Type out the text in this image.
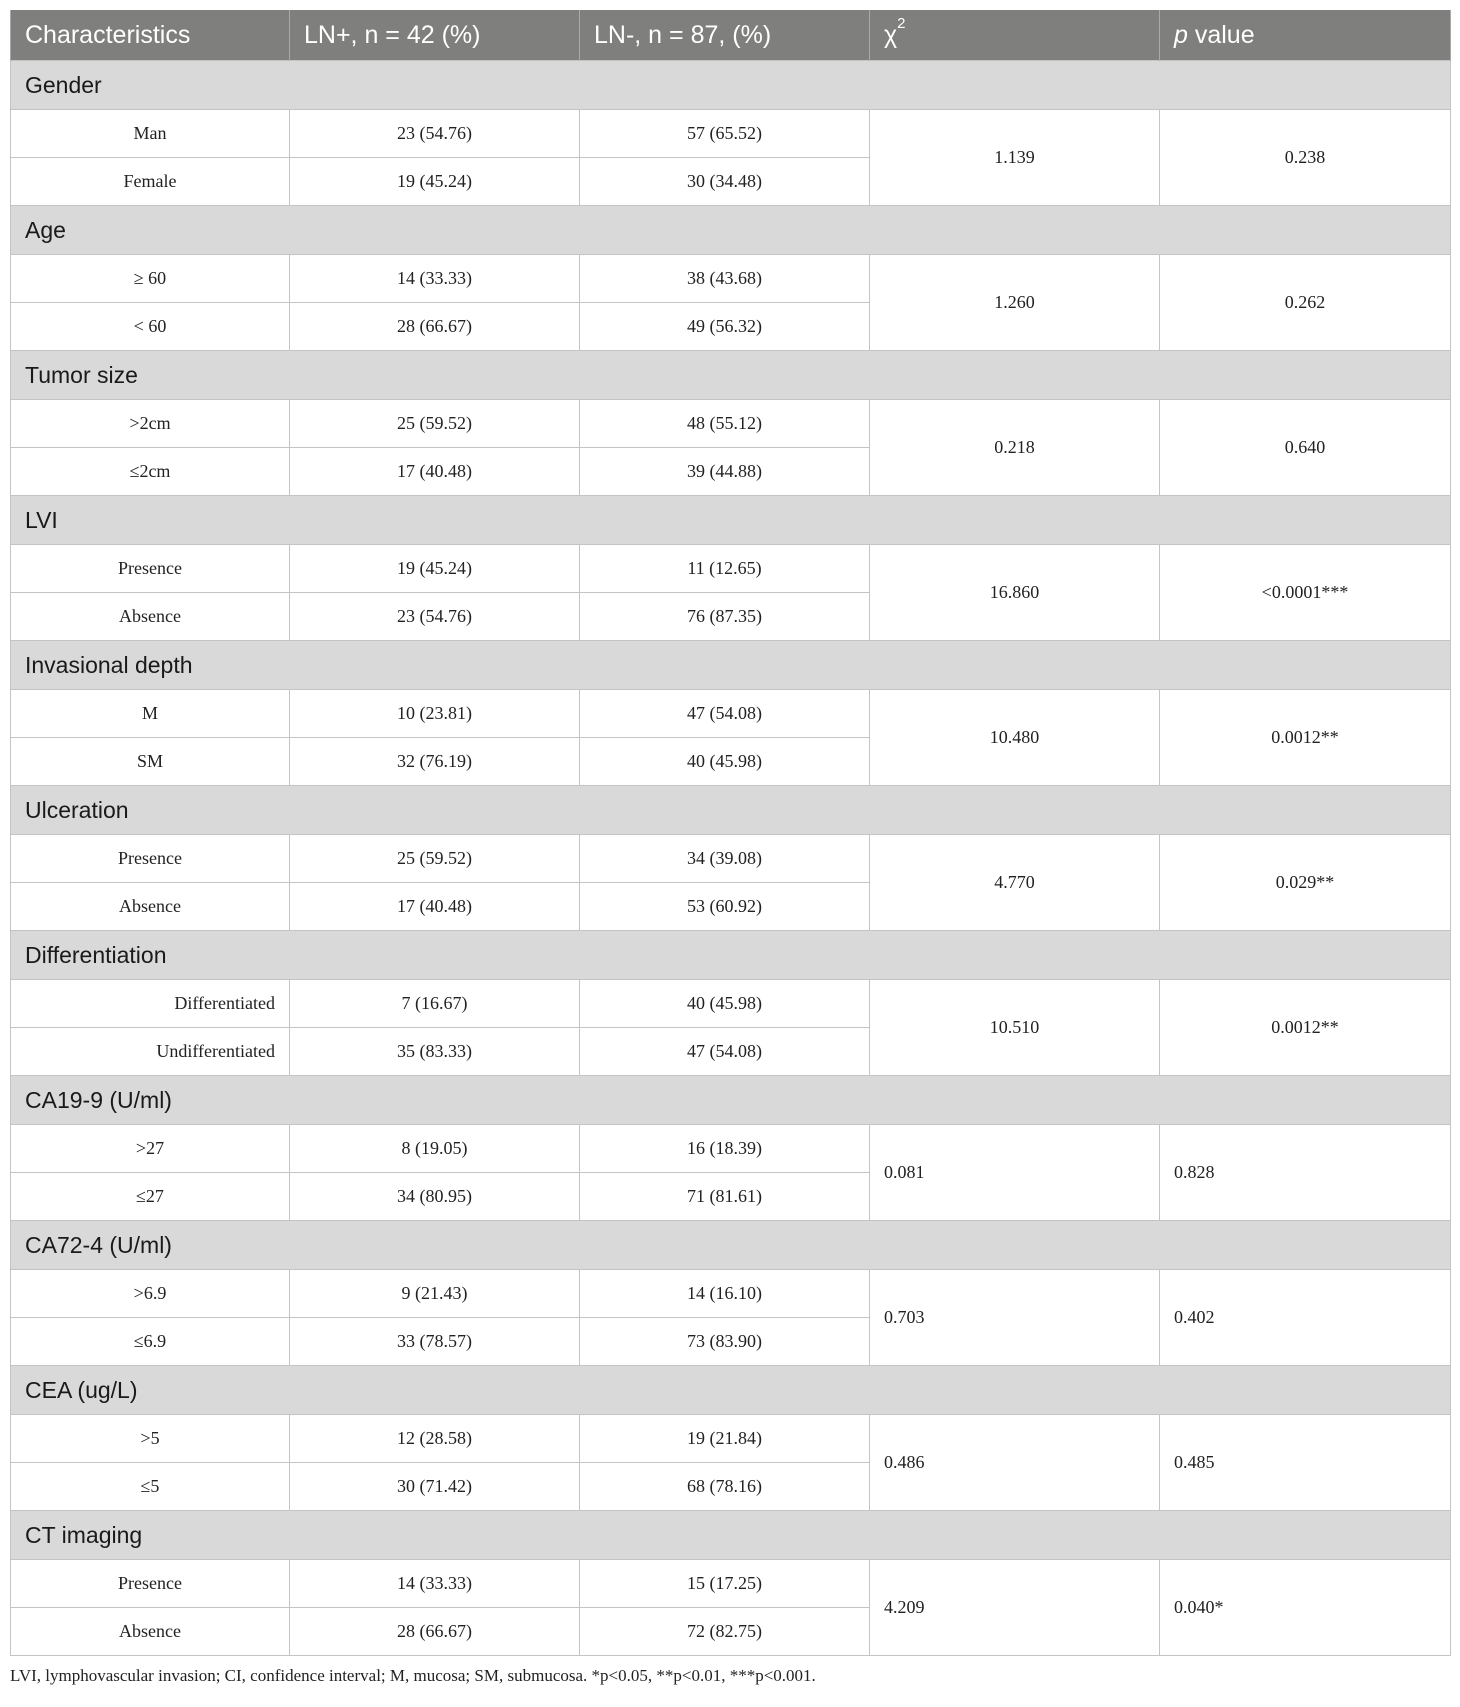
Characteristics	LN+, n = 42 (%)	LN-, n = 87, (%)	$\chi^2$	p value
Gender				
Man	23 (54.76)	57 (65.52)	1.139	0.238
Female	19 (45.24)	30 (34.48)		
Age				
≥ 60	14 (33.33)	38 (43.68)	1.260	0.262
< 60	28 (66.67)	49 (56.32)		
Tumor size				
>2cm	25 (59.52)	48 (55.12)	0.218	0.640
≤2cm	17 (40.48)	39 (44.88)		
LVI				
Presence	19 (45.24)	11 (12.65)	16.860	<0.0001***
Absence	23 (54.76)	76 (87.35)		
Invasional depth				
M	10 (23.81)	47 (54.08)	10.480	0.0012**
SM	32 (76.19)	40 (45.98)		
Ulceration				
Presence	25 (59.52)	34 (39.08)	4.770	0.029**
Absence	17 (40.48)	53 (60.92)		
Differentiation				
Differentiated	7 (16.67)	40 (45.98)	10.510	0.0012**
Undifferentiated	35 (83.33)	47 (54.08)		
CA19-9 (U/ml)				
>27	8 (19.05)	16 (18.39)	0.081	0.828
≤27	34 (80.95)	71 (81.61)		
CA72-4 (U/ml)				
>6.9	9 (21.43)	14 (16.10)	0.703	0.402
≤6.9	33 (78.57)	73 (83.90)		
CEA (ug/L)				
>5	12 (28.58)	19 (21.84)	0.486	0.485
≤5	30 (71.42)	68 (78.16)		
CT imaging				
Presence	14 (33.33)	15 (17.25)	4.209	0.040*
Absence	28 (66.67)	72 (82.75)		
LVI, lymphovascular invasion; CI, confidence interval; M, mucosa; SM, submucosa. *p<0.05, **p<0.01, ***p<0.001.
